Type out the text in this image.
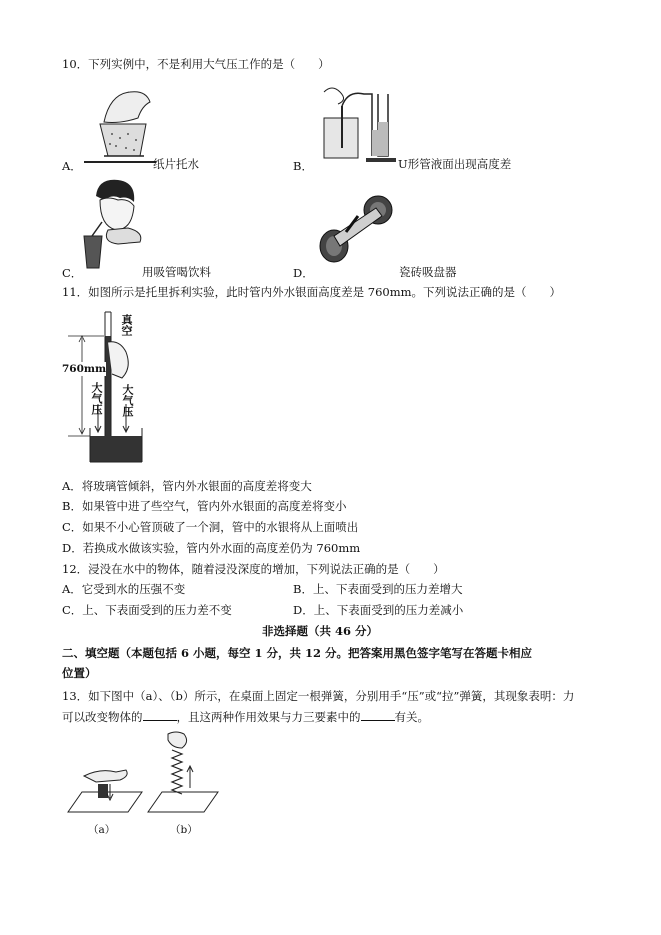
10．下列实例中，不是利用大气压工作的是（　　）
A．	纸片托水	B．	U形管液面出现高度差
C．	用吸管喝饮料	D．	瓷砖吸盘器
11．如图所示是托里拆利实验，此时管内外水银面高度差是 760mm。下列说法正确的是（　　）
真空
760mm
大气压 大气压
A．将玻璃管倾斜，管内外水银面的高度差将变大
B．如果管中进了些空气，管内外水银面的高度差将变小
C．如果不小心管顶破了一个洞，管中的水银将从上面喷出
D．若换成水做该实验，管内外水面的高度差仍为 760mm
12．浸没在水中的物体，随着浸没深度的增加，下列说法正确的是（　　）
A．它受到水的压强不变	B．上、下表面受到的压力差增大
C．上、下表面受到的压力差不变	D．上、下表面受到的压力差减小
非选择题（共 46 分）
二、填空题（本题包括 6 小题，每空 1 分，共 12 分。把答案用黑色签字笔写在答题卡相应
位置）
13．如下图中（a）、（b）所示，在桌面上固定一根弹簧，分别用手“压”或“拉”弹簧，其现象表明：力
可以改变物体的	，且这两种作用效果与力三要素中的	有关。
（a）	（b）
